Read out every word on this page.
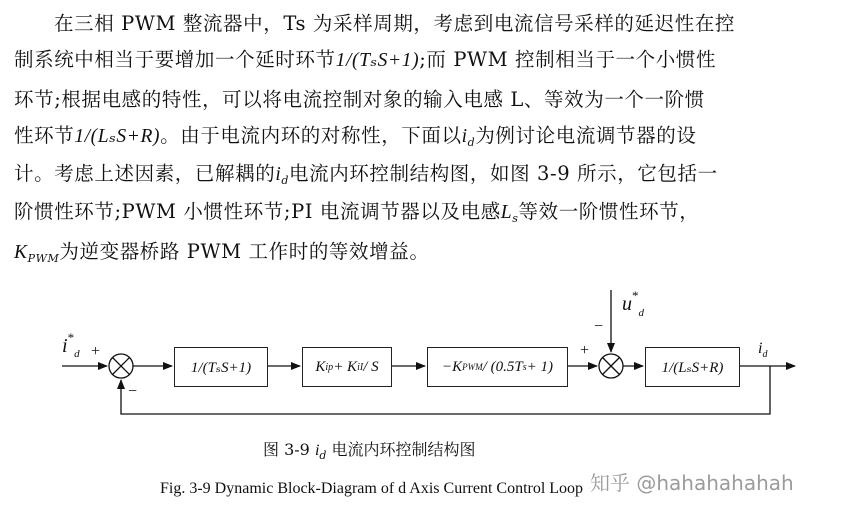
在三相 PWM 整流器中，Ts 为采样周期，考虑到电流信号采样的延迟性在控
制系统中相当于要增加一个延时环节1/(TₛS+1);而 PWM 控制相当于一个小惯性
环节;根据电感的特性，可以将电流控制对象的输入电感 L、等效为一个一阶惯
性环节1/(LₛS+R)。由于电流内环的对称性，下面以$i_d$为例讨论电流调节器的设
计。考虑上述因素，已解耦的$i_d$电流内环控制结构图，如图 3-9 所示，它包括一
阶惯性环节;PWM 小惯性环节;PI 电流调节器以及电感$L_s$等效一阶惯性环节，
$K_{PWM}$为逆变器桥路 PWM 工作时的等效增益。
$i^*_d$ +
−
1/(TₛS+1)	K ip + K iI / S	−K PWM / (0.5T s + 1)
$u^*_d$
+
−
1/(LₛS+R)
$i_d$
图 3-9 $i_d$ 电流内环控制结构图
Fig. 3-9 Dynamic Block-Diagram of d Axis Current Control Loop 知乎 @hahahahahah
